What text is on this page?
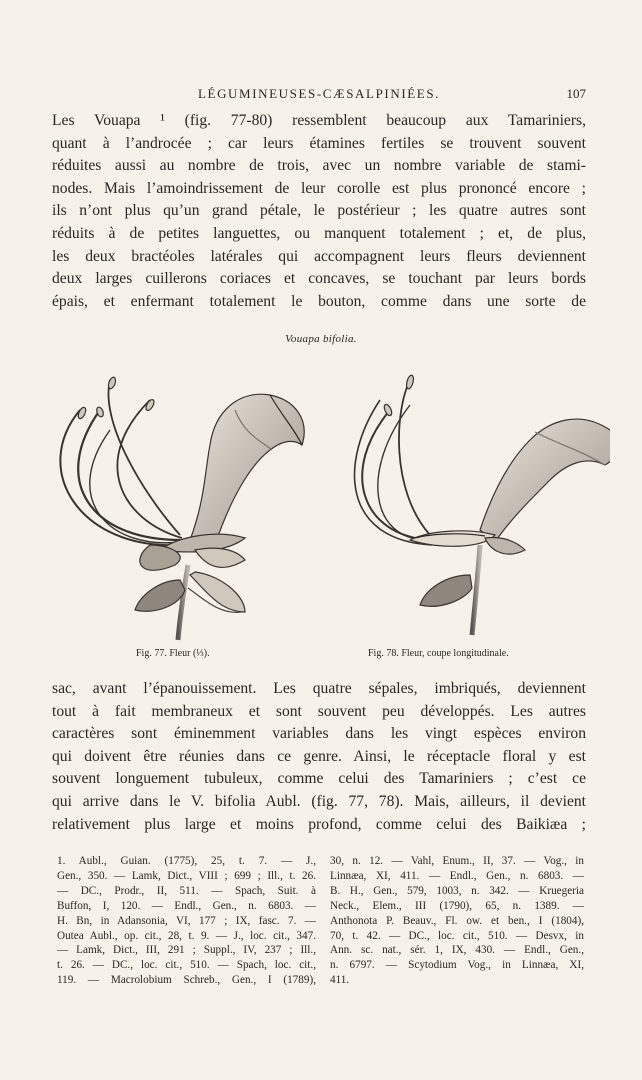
LÉGUMINEUSES-CÆSALPINIÉES.	107
Les Vouapa ¹ (fig. 77-80) ressemblent beaucoup aux Tamariniers,
quant à l’androcée ; car leurs étamines fertiles se trouvent souvent
réduites aussi au nombre de trois, avec un nombre variable de stami-
nodes. Mais l’amoindrissement de leur corolle est plus prononcé encore ;
ils n’ont plus qu’un grand pétale, le postérieur ; les quatre autres sont
réduits à de petites languettes, ou manquent totalement ; et, de plus,
les deux bractéoles latérales qui accompagnent leurs fleurs deviennent
deux larges cuillerons coriaces et concaves, se touchant par leurs bords
épais, et enfermant totalement le bouton, comme dans une sorte de
Vouapa bifolia.
Fig. 77. Fleur (⅓).	Fig. 78. Fleur, coupe longitudinale.
sac, avant l’épanouissement. Les quatre sépales, imbriqués, deviennent
tout à fait membraneux et sont souvent peu développés. Les autres
caractères sont éminemment variables dans les vingt espèces environ
qui doivent être réunies dans ce genre. Ainsi, le réceptacle floral y est
souvent longuement tubuleux, comme celui des Tamariniers ; c’est ce
qui arrive dans le V. bifolia Aubl. (fig. 77, 78). Mais, ailleurs, il devient
relativement plus large et moins profond, comme celui des Baikiæa ;
1. Aubl., Guian. (1775), 25, t. 7. — J.,
Gen., 350. — Lamk, Dict., VIII ; 699 ; Ill., t. 26.
— DC., Prodr., II, 511. — Spach, Suit. à
Buffon, I, 120. — Endl., Gen., n. 6803. —
H. Bn, in Adansonia, VI, 177 ; IX, fasc. 7. —
Outea Aubl., op. cit., 28, t. 9. — J., loc. cit., 347.
— Lamk, Dict., III, 291 ; Suppl., IV, 237 ; Ill.,
t. 26. — DC., loc. cit., 510. — Spach, loc. cit.,
119. — Macrolobium Schreb., Gen., I (1789),
30, n. 12. — Vahl, Enum., II, 37. — Vog., in
Linnæa, XI, 411. — Endl., Gen., n. 6803. —
B. H., Gen., 579, 1003, n. 342. — Kruegeria
Neck., Elem., III (1790), 65, n. 1389. —
Anthonota P. Beauv., Fl. ow. et ben., I (1804),
70, t. 42. — DC., loc. cit., 510. — Desvx, in
Ann. sc. nat., sér. 1, IX, 430. — Endl., Gen.,
n. 6797. — Scytodium Vog., in Linnæa, XI,
411.
